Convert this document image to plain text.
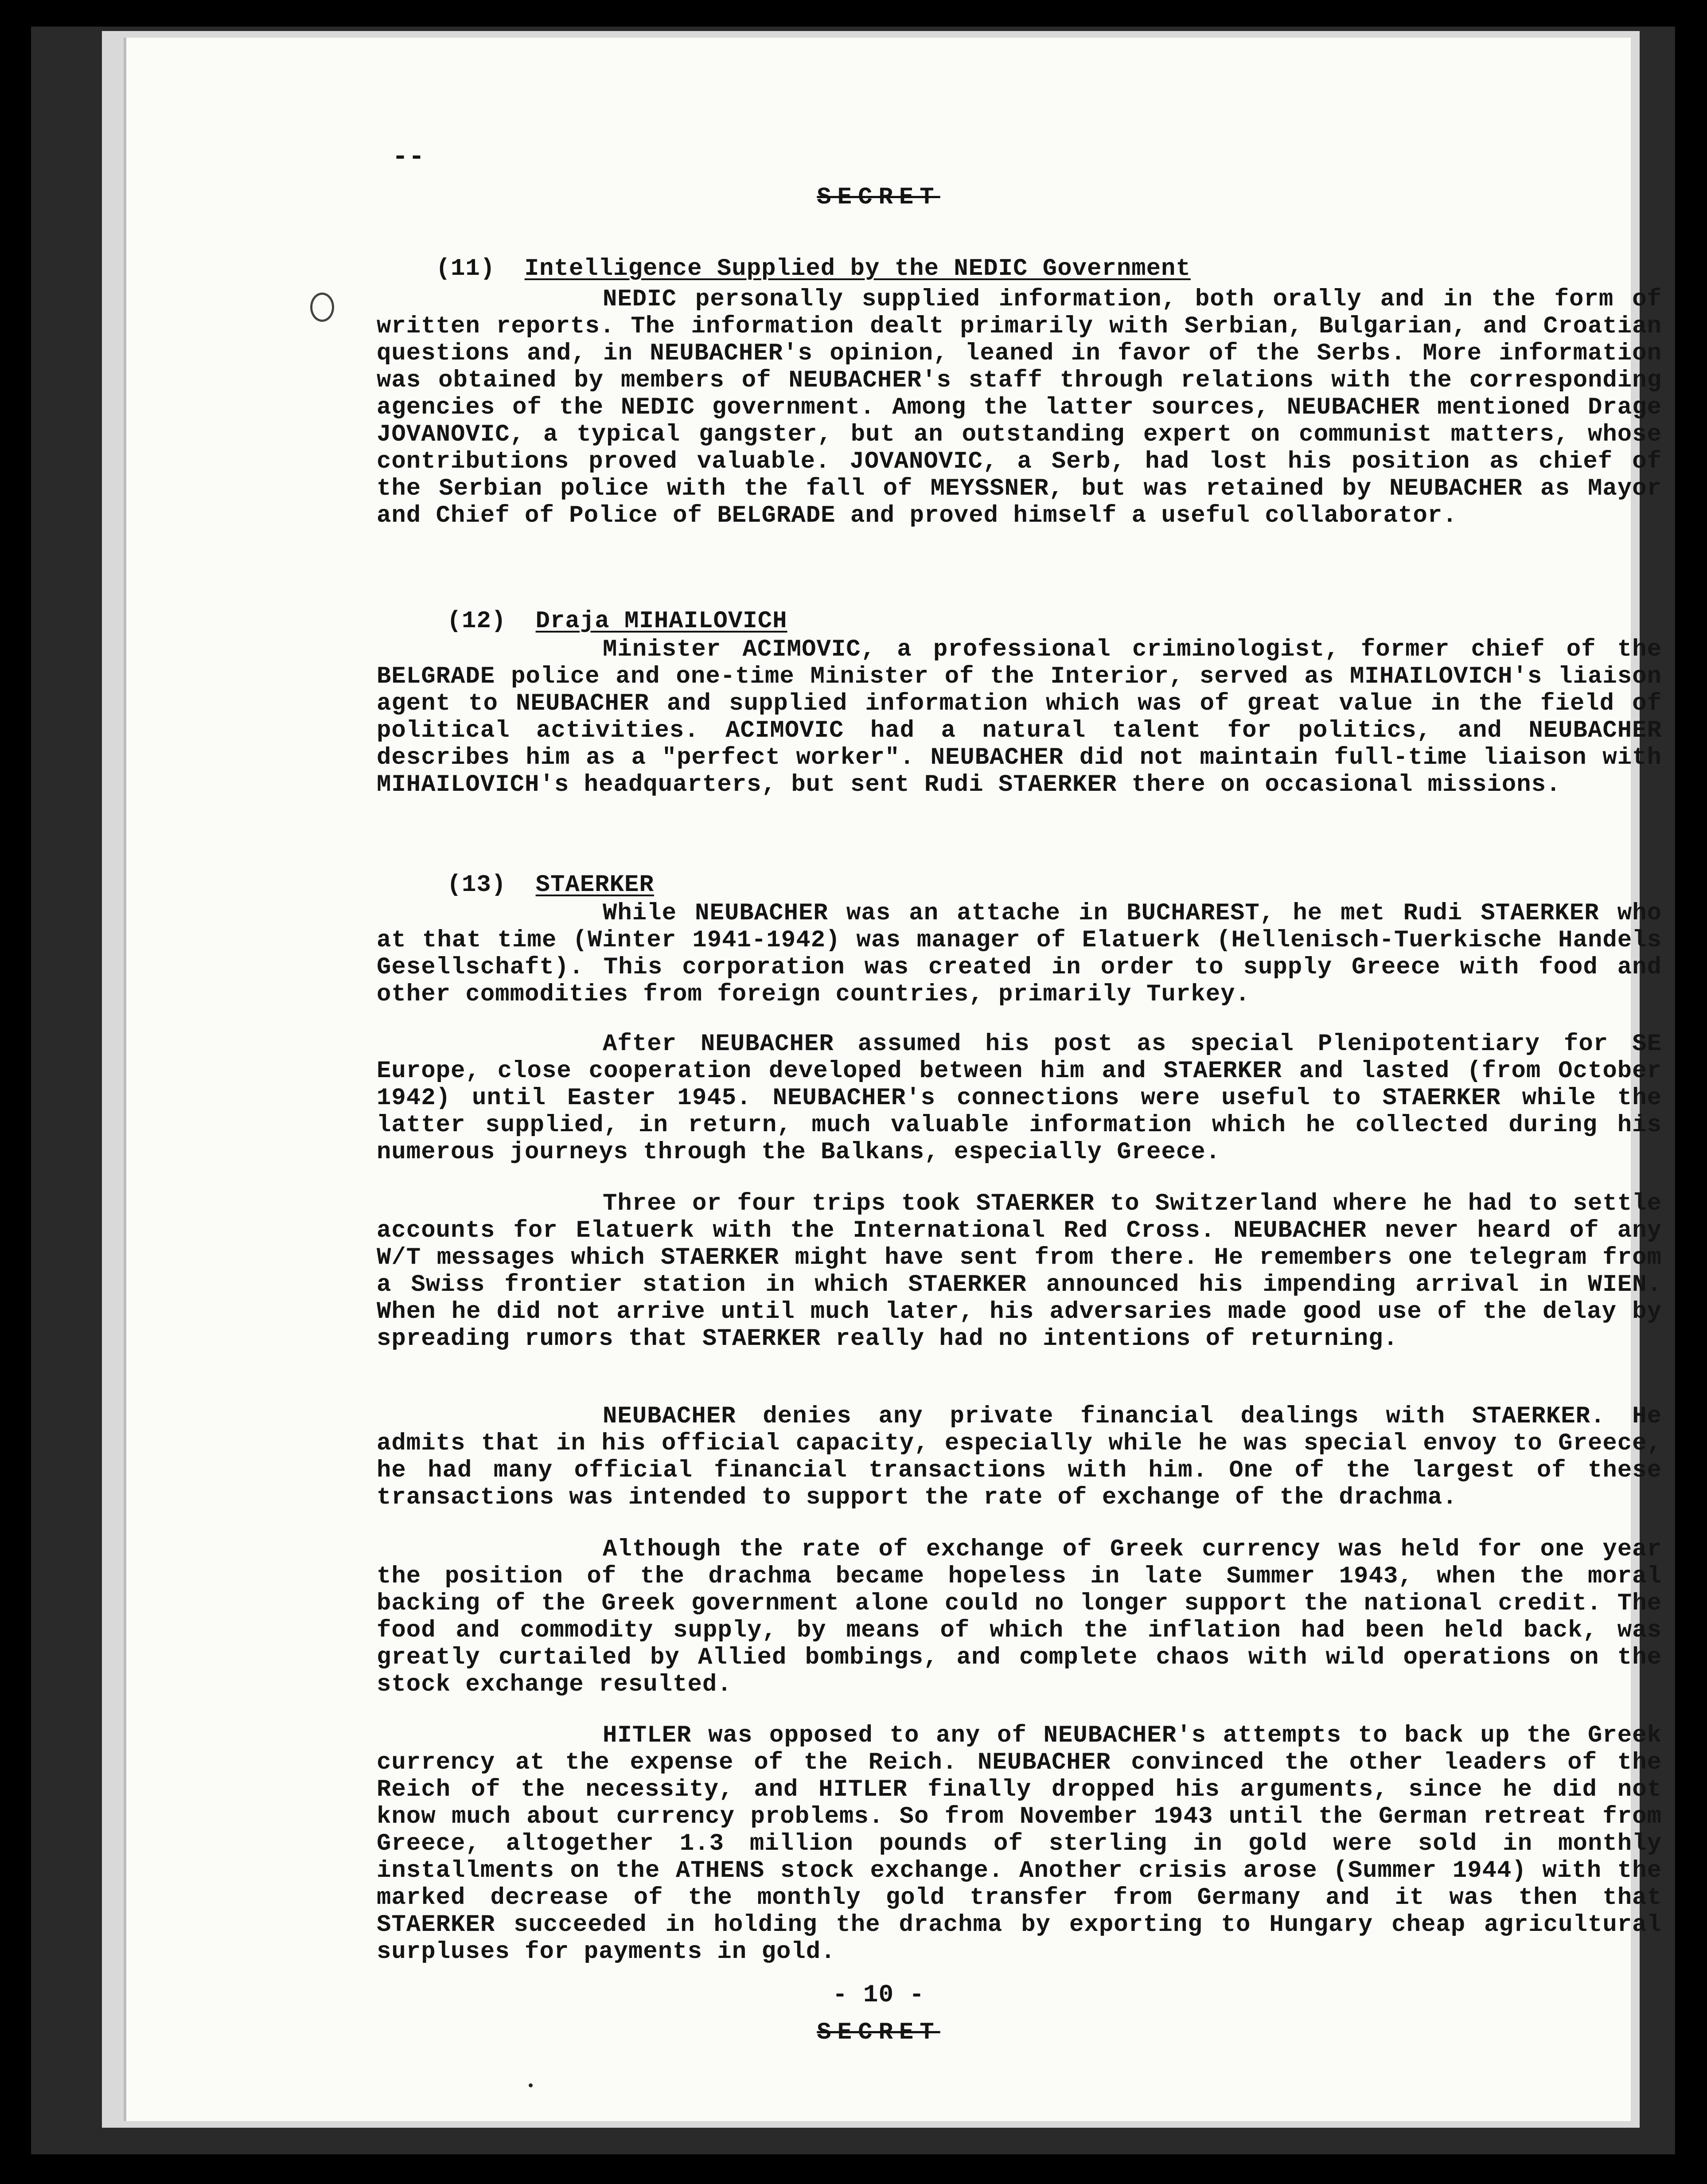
--
SECRET

(11) Intelligence Supplied by the NEDIC Government

NEDIC personally supplied information, both orally and in the form of written reports. The information dealt primarily with Serbian, Bulgarian, and Croatian questions and, in NEUBACHER's opinion, leaned in favor of the Serbs. More information was obtained by members of NEUBACHER's staff through relations with the corresponding agencies of the NEDIC government. Among the latter sources, NEUBACHER mentioned Drage JOVANOVIC, a typical gangster, but an outstanding expert on communist matters, whose contributions proved valuable. JOVANOVIC, a Serb, had lost his position as chief of the Serbian police with the fall of MEYSSNER, but was retained by NEUBACHER as Mayor and Chief of Police of BELGRADE and proved himself a useful collaborator.

(12) Draja MIHAILOVICH

Minister ACIMOVIC, a professional criminologist, former chief of the BELGRADE police and one-time Minister of the Interior, served as MIHAILOVICH's liaison agent to NEUBACHER and supplied information which was of great value in the field of political activities. ACIMOVIC had a natural talent for politics, and NEUBACHER describes him as a "perfect worker". NEUBACHER did not maintain full-time liaison with MIHAILOVICH's headquarters, but sent Rudi STAERKER there on occasional missions.

(13) STAERKER

While NEUBACHER was an attache in BUCHAREST, he met Rudi STAERKER who at that time (Winter 1941-1942) was manager of Elatuerk (Hellenisch-Tuerkische Handels Gesellschaft). This corporation was created in order to supply Greece with food and other commodities from foreign countries, primarily Turkey.
After NEUBACHER assumed his post as special Plenipotentiary for SE Europe, close cooperation developed between him and STAERKER and lasted (from October 1942) until Easter 1945. NEUBACHER's connections were useful to STAERKER while the latter supplied, in return, much valuable information which he collected during his numerous journeys through the Balkans, especially Greece.
Three or four trips took STAERKER to Switzerland where he had to settle accounts for Elatuerk with the International Red Cross. NEUBACHER never heard of any W/T messages which STAERKER might have sent from there. He remembers one telegram from a Swiss frontier station in which STAERKER announced his impending arrival in WIEN. When he did not arrive until much later, his adversaries made good use of the delay by spreading rumors that STAERKER really had no intentions of returning.
NEUBACHER denies any private financial dealings with STAERKER. He admits that in his official capacity, especially while he was special envoy to Greece, he had many official financial transactions with him. One of the largest of these transactions was intended to support the rate of exchange of the drachma.
Although the rate of exchange of Greek currency was held for one year the position of the drachma became hopeless in late Summer 1943, when the moral backing of the Greek government alone could no longer support the national credit. The food and commodity supply, by means of which the inflation had been held back, was greatly curtailed by Allied bombings, and complete chaos with wild operations on the stock exchange resulted.
HITLER was opposed to any of NEUBACHER's attempts to back up the Greek currency at the expense of the Reich. NEUBACHER convinced the other leaders of the Reich of the necessity, and HITLER finally dropped his arguments, since he did not know much about currency problems. So from November 1943 until the German retreat from Greece, altogether 1.3 million pounds of sterling in gold were sold in monthly installments on the ATHENS stock exchange. Another crisis arose (Summer 1944) with the marked decrease of the monthly gold transfer from Germany and it was then that STAERKER succeeded in holding the drachma by exporting to Hungary cheap agricultural surpluses for payments in gold.
- 10 -
SECRET
